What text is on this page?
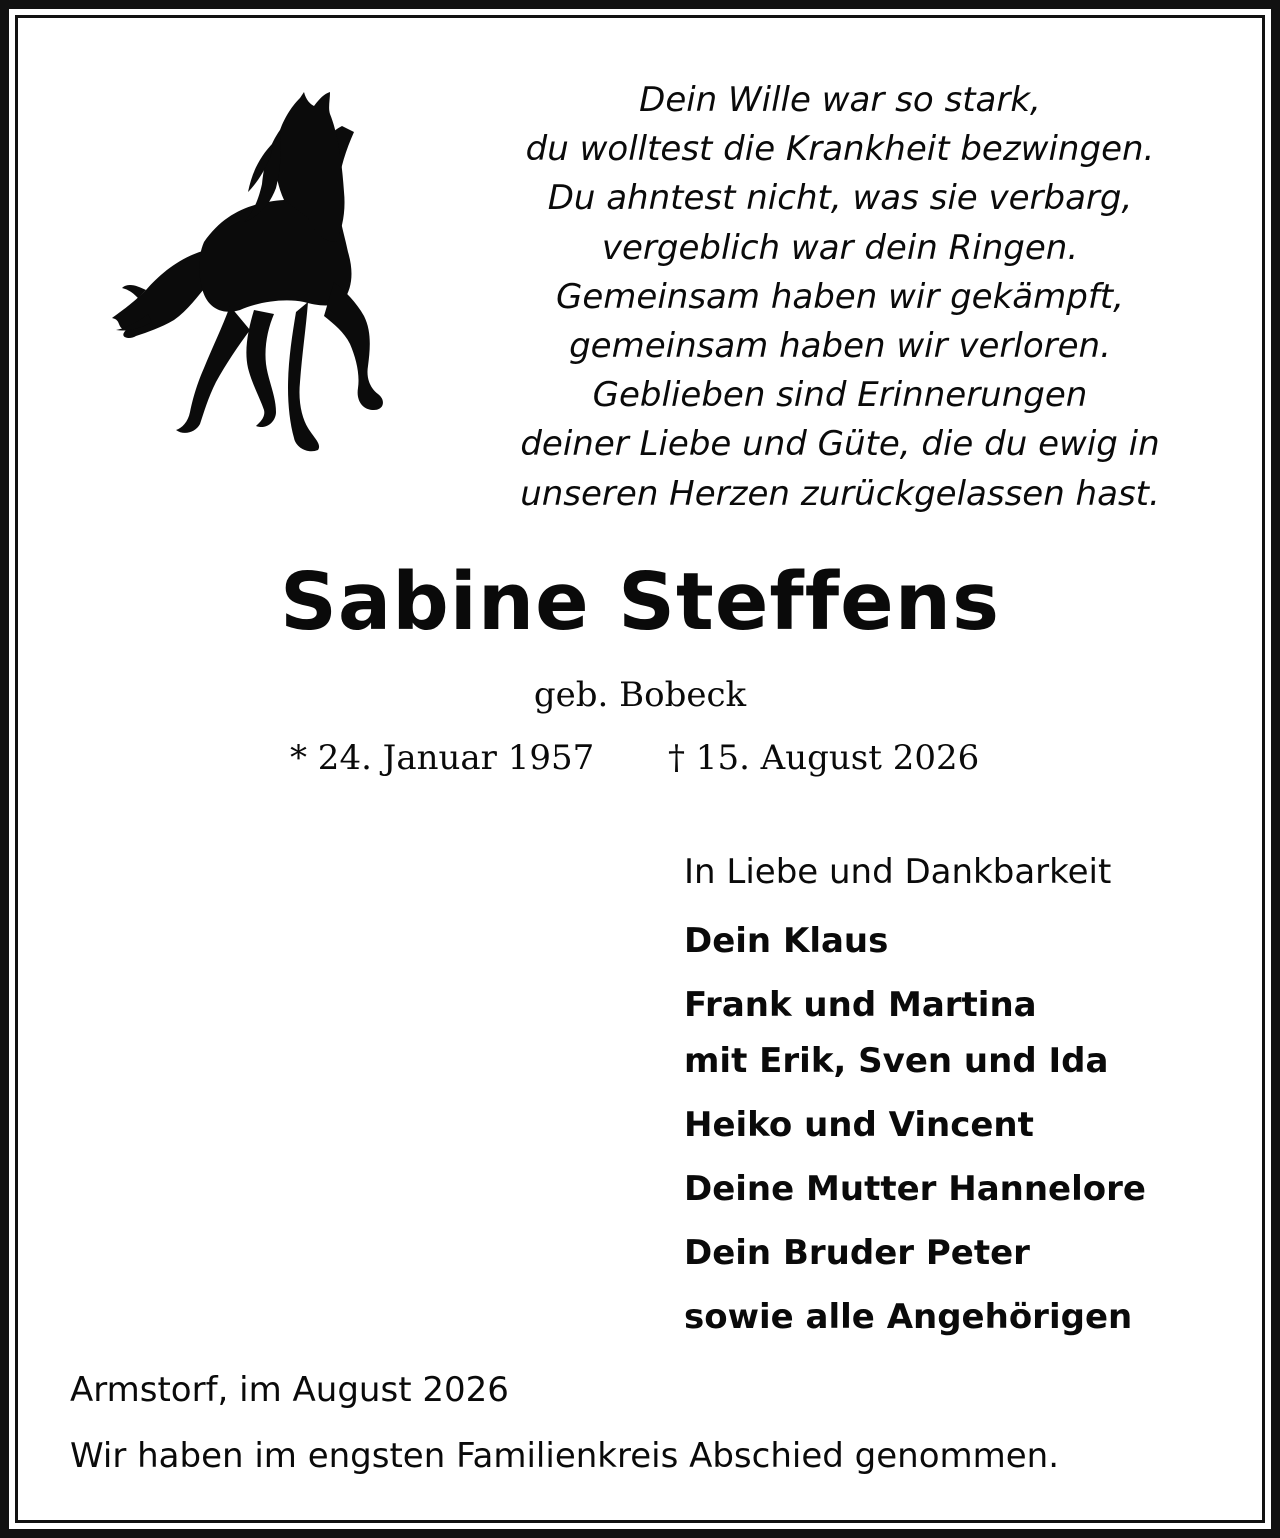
Dein Wille war so stark,
du wolltest die Krankheit bezwingen.
Du ahntest nicht, was sie verbarg,
vergeblich war dein Ringen.
Gemeinsam haben wir gekämpft,
gemeinsam haben wir verloren.
Geblieben sind Erinnerungen
deiner Liebe und Güte, die du ewig in
unseren Herzen zurückgelassen hast.
Sabine Steffens
geb. Bobeck
* 24. Januar 1957 † 15. August 2026
In Liebe und Dankbarkeit
Dein Klaus
Frank und Martina
mit Erik, Sven und Ida
Heiko und Vincent
Deine Mutter Hannelore
Dein Bruder Peter
sowie alle Angehörigen
Armstorf, im August 2026
Wir haben im engsten Familienkreis Abschied genommen.
